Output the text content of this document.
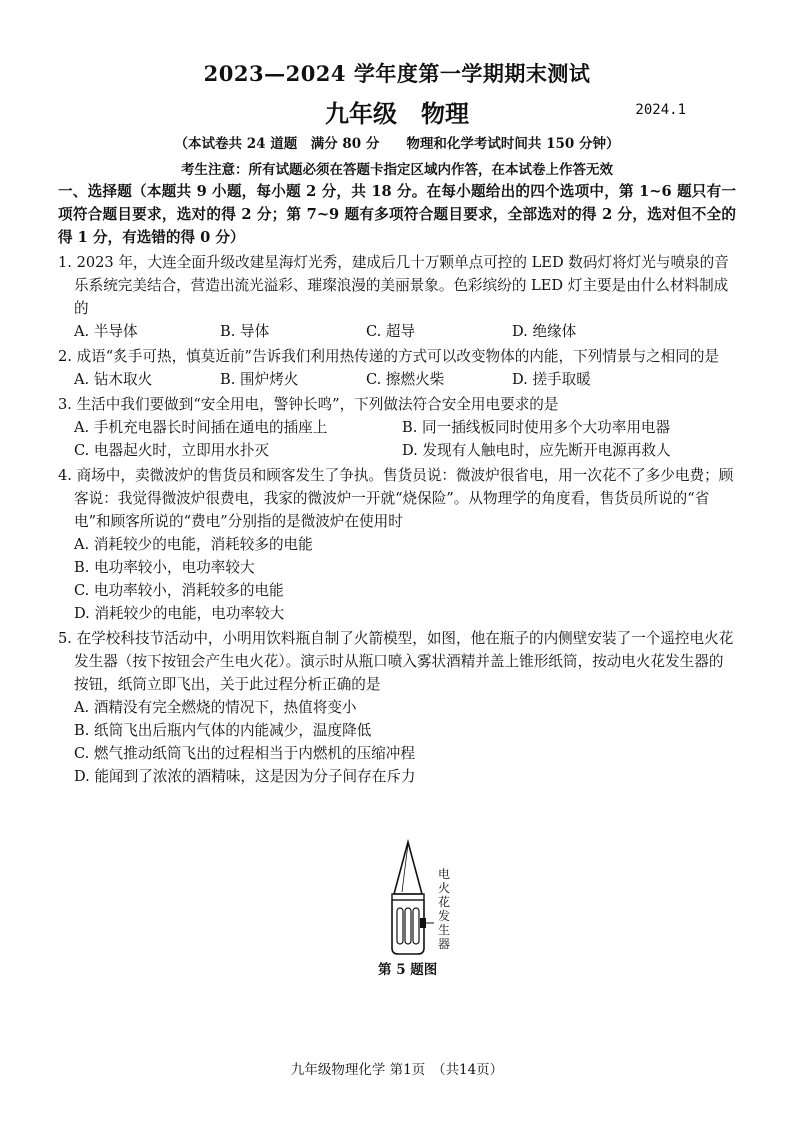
2023—2024 学年度第一学期期末测试
九年级　物理	2024.1
（本试卷共 24 道题　满分 80 分　　物理和化学考试时间共 150 分钟）
考生注意：所有试题必须在答题卡指定区域内作答，在本试卷上作答无效
一、选择题（本题共 9 小题，每小题 2 分，共 18 分。在每小题给出的四个选项中，第 1~6 题只有一项符合题目要求，选对的得 2 分；第 7~9 题有多项符合题目要求，全部选对的得 2 分，选对但不全的得 1 分，有选错的得 0 分）
1. 2023 年，大连全面升级改建星海灯光秀，建成后几十万颗单点可控的 LED 数码灯将灯光与喷泉的音乐系统完美结合，营造出流光溢彩、璀璨浪漫的美丽景象。色彩缤纷的 LED 灯主要是由什么材料制成的
A. 半导体	B. 导体	C. 超导	D. 绝缘体
2. 成语“炙手可热，慎莫近前”告诉我们利用热传递的方式可以改变物体的内能，下列情景与之相同的是
A. 钻木取火	B. 围炉烤火	C. 擦燃火柴	D. 搓手取暖
3. 生活中我们要做到“安全用电，警钟长鸣”，下列做法符合安全用电要求的是
A. 手机充电器长时间插在通电的插座上	B. 同一插线板同时使用多个大功率用电器
C. 电器起火时，立即用水扑灭	D. 发现有人触电时，应先断开电源再救人
4. 商场中，卖微波炉的售货员和顾客发生了争执。售货员说：微波炉很省电，用一次花不了多少电费；顾客说：我觉得微波炉很费电，我家的微波炉一开就“烧保险”。从物理学的角度看，售货员所说的“省电”和顾客所说的“费电”分别指的是微波炉在使用时
A. 消耗较少的电能，消耗较多的电能
B. 电功率较小，电功率较大
C. 电功率较小，消耗较多的电能
D. 消耗较少的电能，电功率较大
5. 在学校科技节活动中，小明用饮料瓶自制了火箭模型，如图，他在瓶子的内侧壁安装了一个遥控电火花发生器（按下按钮会产生电火花）。演示时从瓶口喷入雾状酒精并盖上锥形纸筒，按动电火花发生器的按钮，纸筒立即飞出，关于此过程分析正确的是
A. 酒精没有完全燃烧的情况下，热值将变小
B. 纸筒飞出后瓶内气体的内能减少，温度降低
C. 燃气推动纸筒飞出的过程相当于内燃机的压缩冲程
D. 能闻到了浓浓的酒精味，这是因为分子间存在斥力
电 火 花 发 生 器
第 5 题图
九年级物理化学 第1页　（共14页）
